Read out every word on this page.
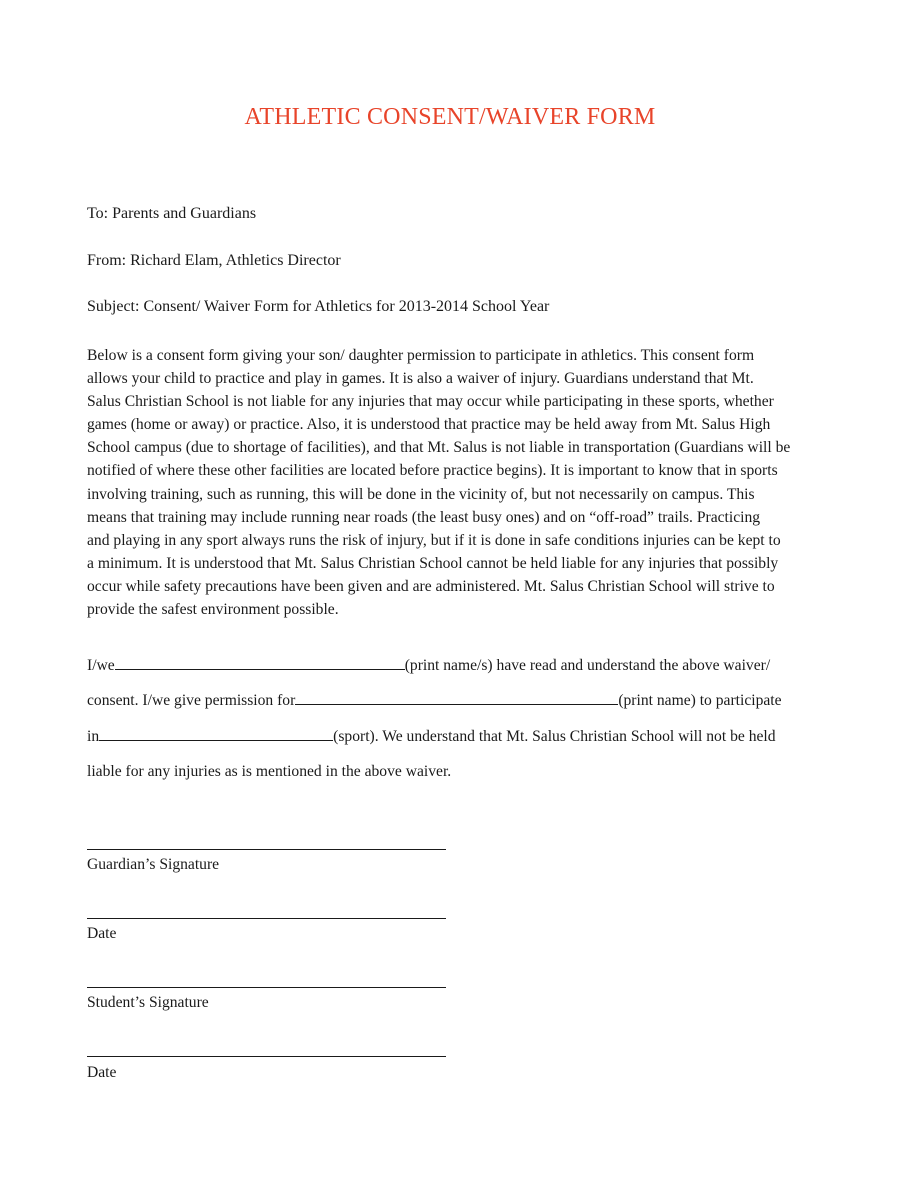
ATHLETIC CONSENT/WAIVER FORM
To: Parents and Guardians
From: Richard Elam, Athletics Director
Subject: Consent/ Waiver Form for Athletics for 2013-2014 School Year

Below is a consent form giving your son/ daughter permission to participate in athletics. This consent form

allows your child to practice and play in games. It is also a waiver of injury. Guardians understand that Mt.

Salus Christian School is not liable for any injuries that may occur while participating in these sports, whether

games (home or away) or practice. Also, it is understood that practice may be held away from Mt. Salus High

School campus (due to shortage of facilities), and that Mt. Salus is not liable in transportation (Guardians will be

notified of where these other facilities are located before practice begins). It is important to know that in sports

involving training, such as running, this will be done in the vicinity of, but not necessarily on campus. This

means that training may include running near roads (the least busy ones) and on “off-road” trails. Practicing

and playing in any sport always runs the risk of injury, but if it is done in safe conditions injuries can be kept to

a minimum. It is understood that Mt. Salus Christian School cannot be held liable for any injuries that possibly

occur while safety precautions have been given and are administered. Mt. Salus Christian School will strive to

provide the safest environment possible.

I/we	(print name/s) have read and understand the above waiver/
consent. I/we give permission for	(print name) to participate
in	(sport). We understand that Mt. Salus Christian School will not be held
liable for any injuries as is mentioned in the above waiver.
Guardian’s Signature
Date
Student’s Signature
Date
